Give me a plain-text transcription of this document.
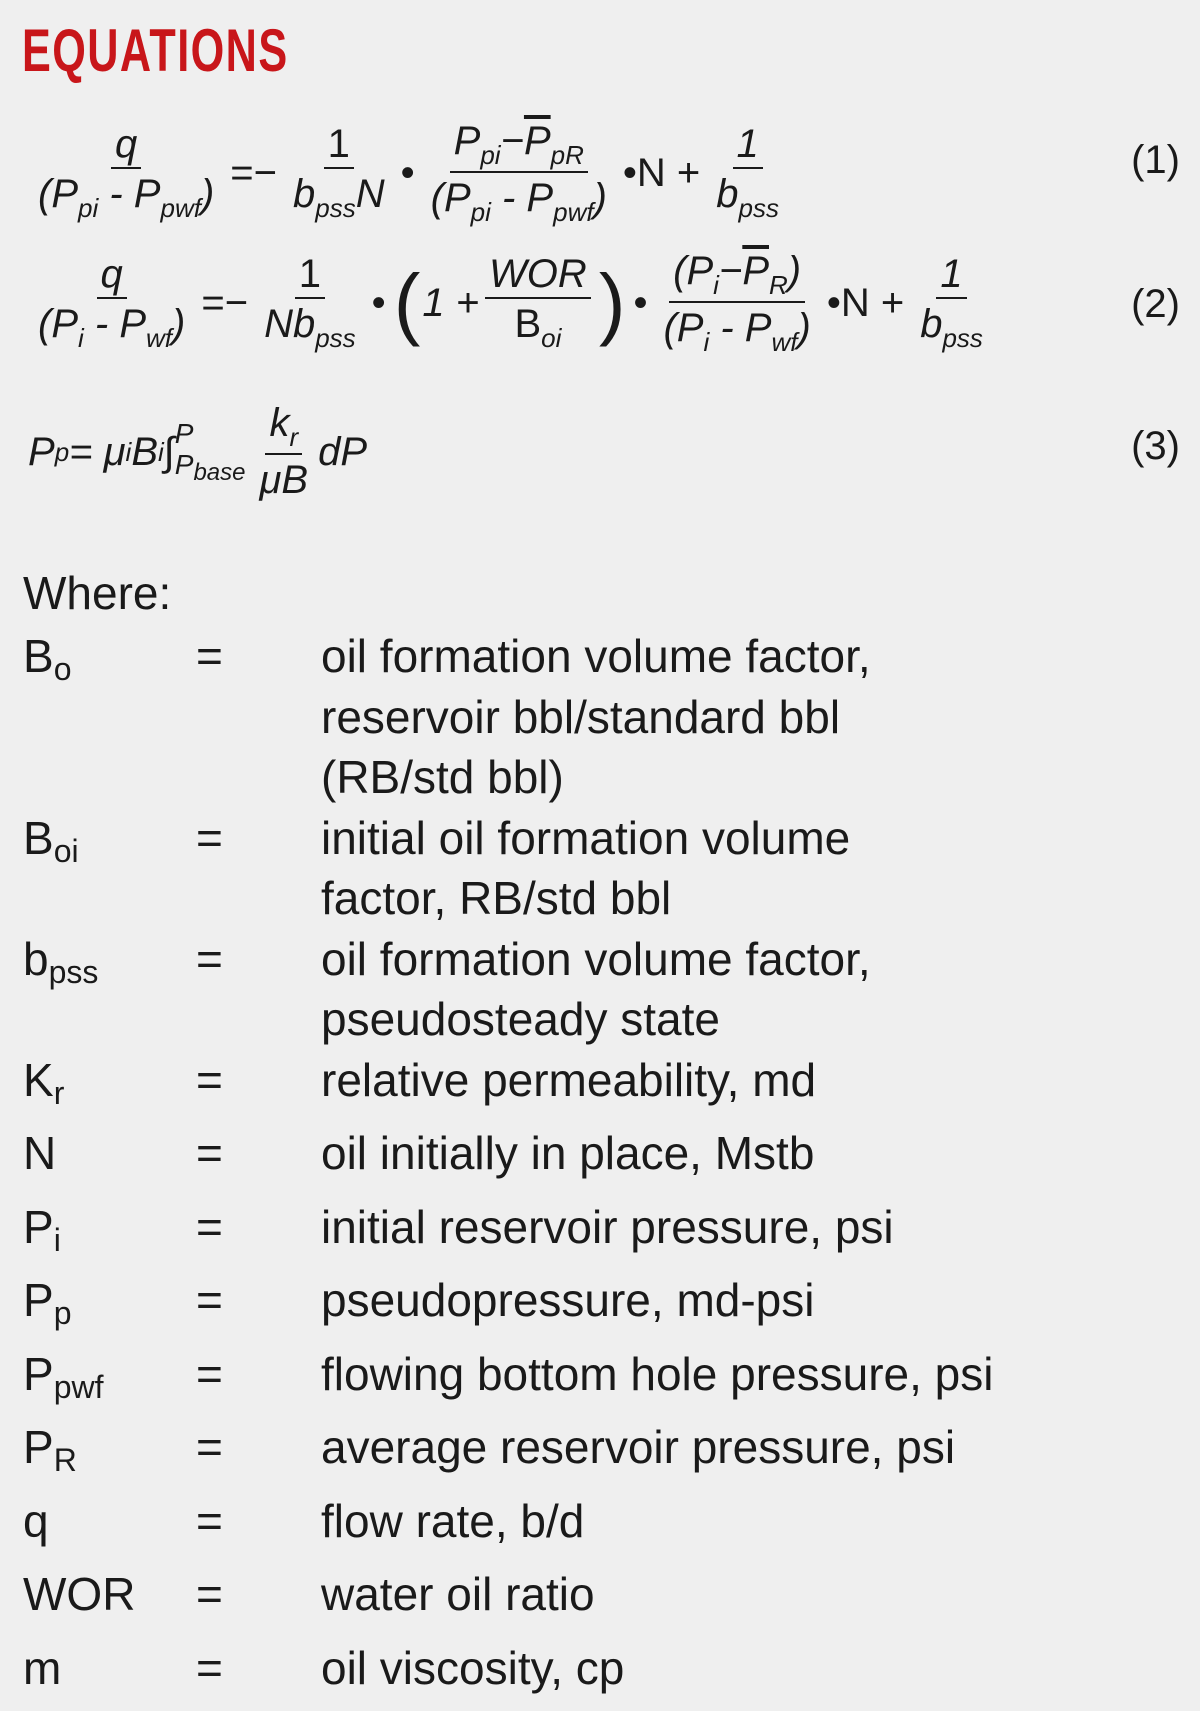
EQUATIONS
$\frac{q}{(P_{pi} - P_{pwf})} =- \frac{1}{b_{pss}N}$ • $\frac{P_{pi}-\overline{P}_{pR}}{(P_{pi} - P_{pwf})}$ •N + $\frac{1}{b_{pss}}$	(1)
$\frac{q}{(P_i - P_{wf})} =- \frac{1}{Nb_{pss}}$ • ( $1 + \frac{\text{WOR}}{B_{oi}}$ ) • $\frac{(P_i-\overline{P}_R)}{(P_i - P_{wf})}$ •N + $\frac{1}{b_{pss}}$	(2)
P p = μ i B i ∫ P
$P_{base} \frac{k_r}{\mu B}$ dP	(3)
Where:
$B_o$	=	oil formation volume factor,
reservoir bbl/standard bbl
(RB/std bbl)
$B_{oi}$	=	initial oil formation volume
factor, RB/std bbl
$b_{pss}$	=	oil formation volume factor,
pseudosteady state
$K_r$	=	relative permeability, md
N	=	oil initially in place, Mstb
$P_i$	=	initial reservoir pressure, psi
$P_p$	=	pseudopressure, md-psi
$P_{pwf}$	=	flowing bottom hole pressure, psi
$P_R$	=	average reservoir pressure, psi
q	=	flow rate, b/d
WOR	=	water oil ratio
m	=	oil viscosity, cp
